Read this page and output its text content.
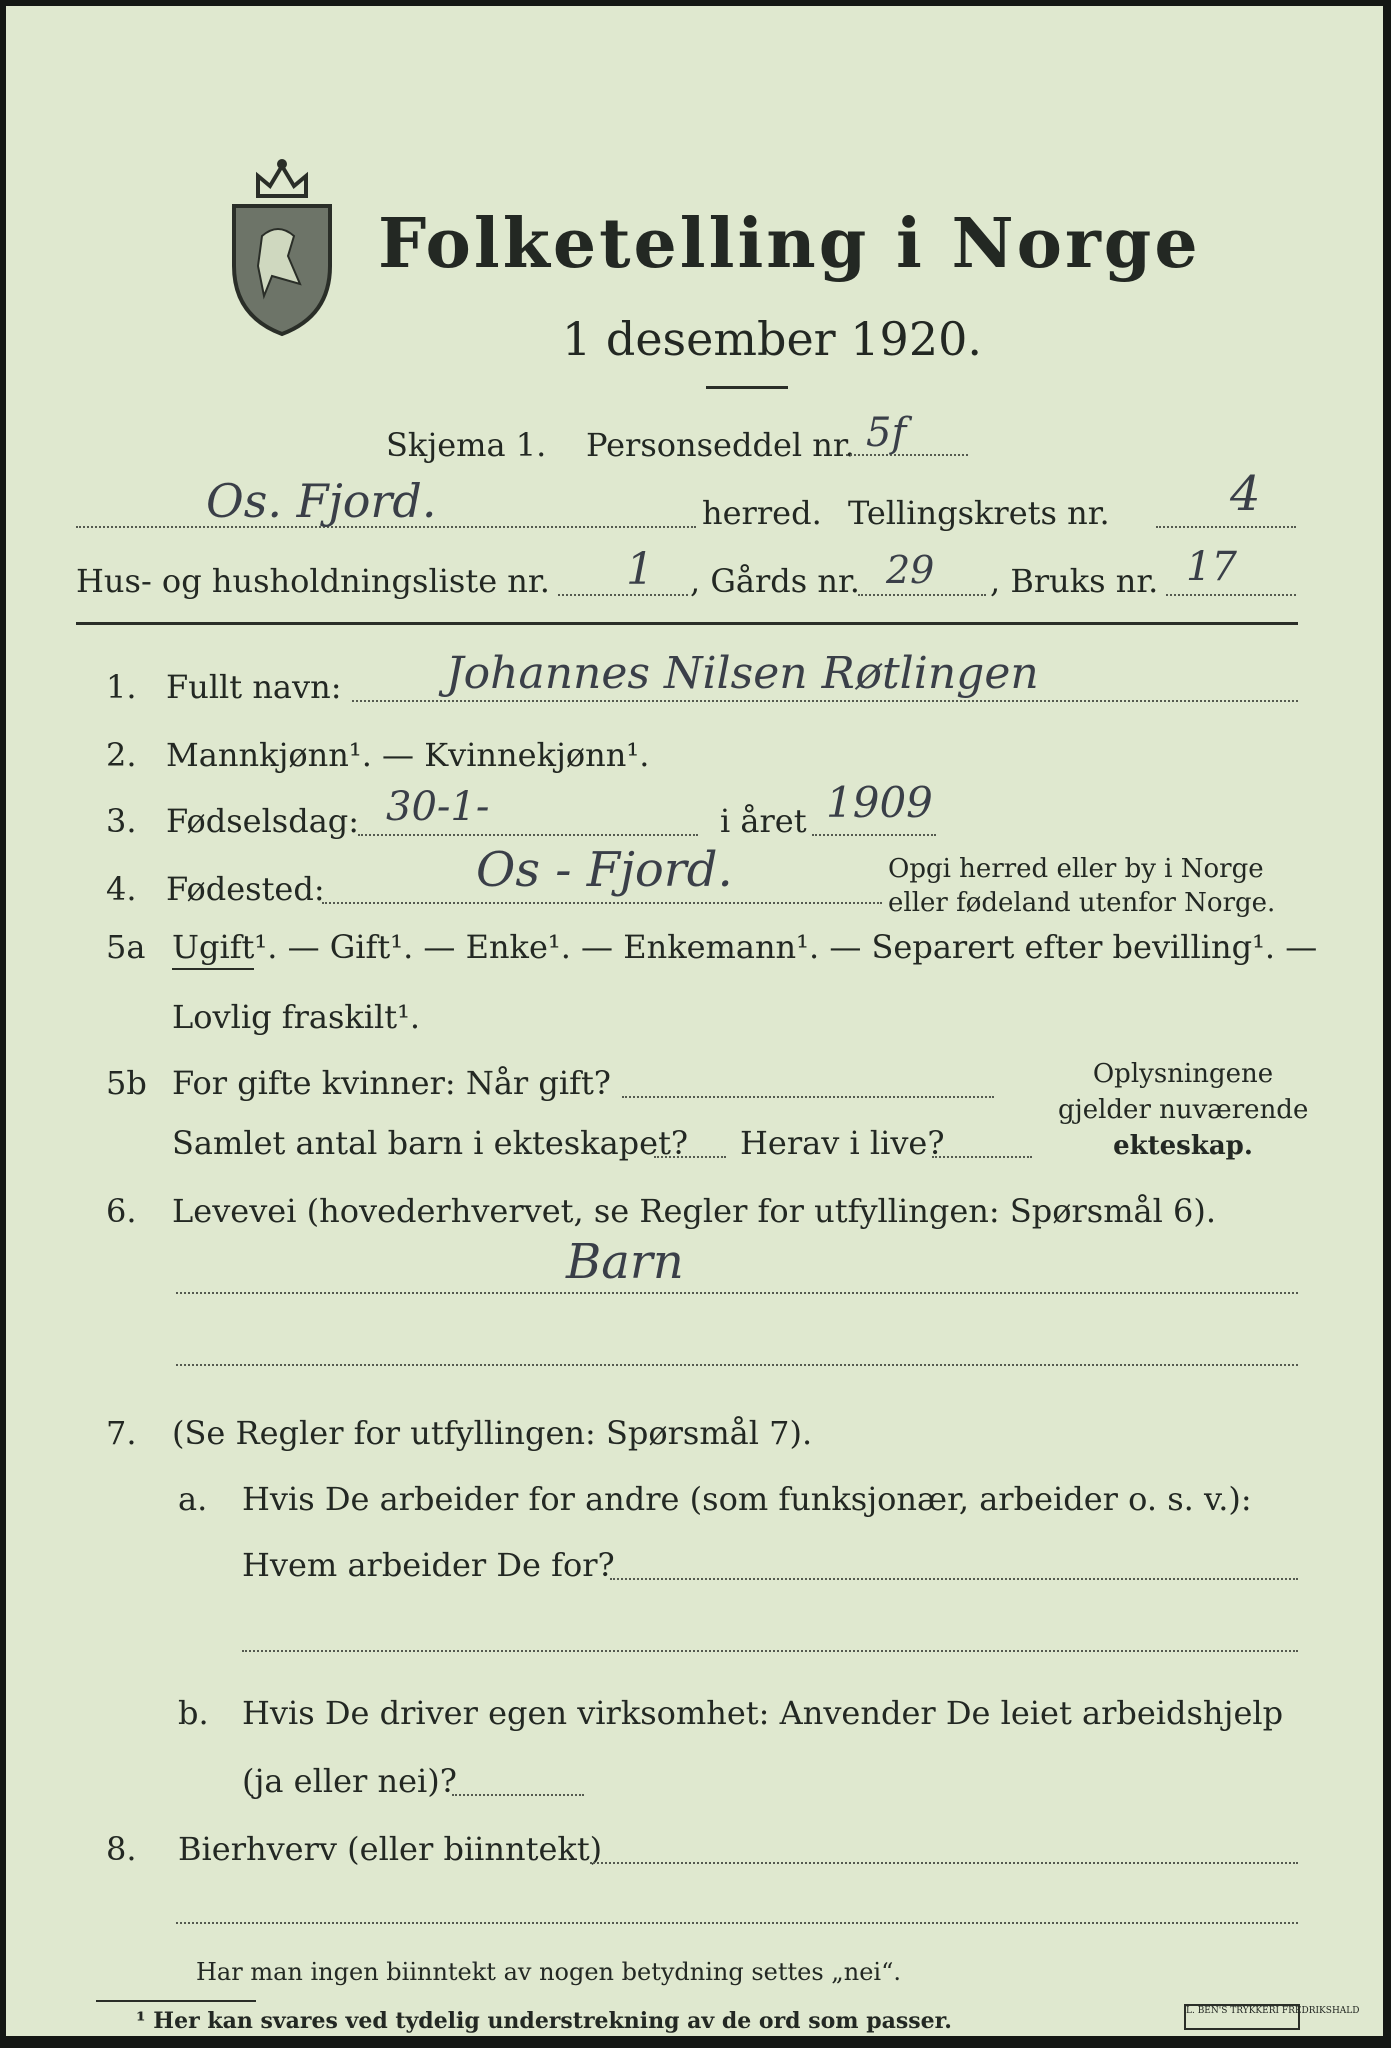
Folketelling i Norge
1 desember 1920.
Skjema 1. Personseddel nr. 5f
Os. Fjord.	herred. Tellingskrets nr.	4
Hus- og husholdningsliste nr. 1 , Gårds nr. 29 , Bruks nr. 17
1. Fullt navn: Johannes Nilsen Røtlingen
2. Mannkjønn¹. — Kvinnekjønn¹.
3. Fødselsdag: 30-1-	i året 1909
4. Fødested:	Os - Fjord.	Opgi herred eller by i Norge
eller fødeland utenfor Norge.
5a Ugift¹. — Gift¹. — Enke¹. — Enkemann¹. — Separert efter bevilling¹. —
Lovlig fraskilt¹.
5b For gifte kvinner: Når gift?
Samlet antal barn i ekteskapet? Herav i live?
Oplysningene
gjelder nuværende
ekteskap.
6. Levevei (hovederhvervet, se Regler for utfyllingen: Spørsmål 6).
Barn
7. (Se Regler for utfyllingen: Spørsmål 7).
a. Hvis De arbeider for andre (som funksjonær, arbeider o. s. v.):
Hvem arbeider De for?
b. Hvis De driver egen virksomhet: Anvender De leiet arbeidshjelp
(ja eller nei)?
8. Bierhverv (eller biinntekt)
Har man ingen biinntekt av nogen betydning settes „nei“.
¹ Her kan svares ved tydelig understrekning av de ord som passer.	L. BEN'S TRYKKERI FREDRIKSHALD
